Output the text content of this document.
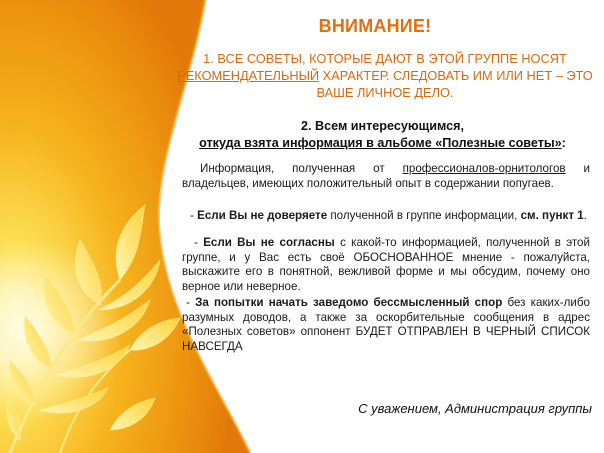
ВНИМАНИЕ!
1. ВСЕ СОВЕТЫ, КОТОРЫЕ ДАЮТ В ЭТОЙ ГРУППЕ НОСЯТ РЕКОМЕНДАТЕЛЬНЫЙ ХАРАКТЕР. СЛЕДОВАТЬ ИМ ИЛИ НЕТ – ЭТО ВАШЕ ЛИЧНОЕ ДЕЛО.
2. Всем интересующимся,
откуда взята информация в альбоме «Полезные советы»:
Информация, полученная от профессионалов-орнитологов и владельцев, имеющих положительный опыт в содержании попугаев.
- Если Вы не доверяете полученной в группе информации, см. пункт 1.
- Если Вы не согласны с какой-то информацией, полученной в этой группе, и у Вас есть своё ОБОСНОВАННОЕ мнение - пожалуйста, выскажите его в понятной, вежливой форме и мы обсудим, почему оно верное или неверное.
- За попытки начать заведомо бессмысленный спор без каких-либо разумных доводов, а также за оскорбительные сообщения в адрес «Полезных советов» оппонент БУДЕТ ОТПРАВЛЕН В ЧЕРНЫЙ СПИСОК НАВСЕГДА
С уважением, Администрация группы
